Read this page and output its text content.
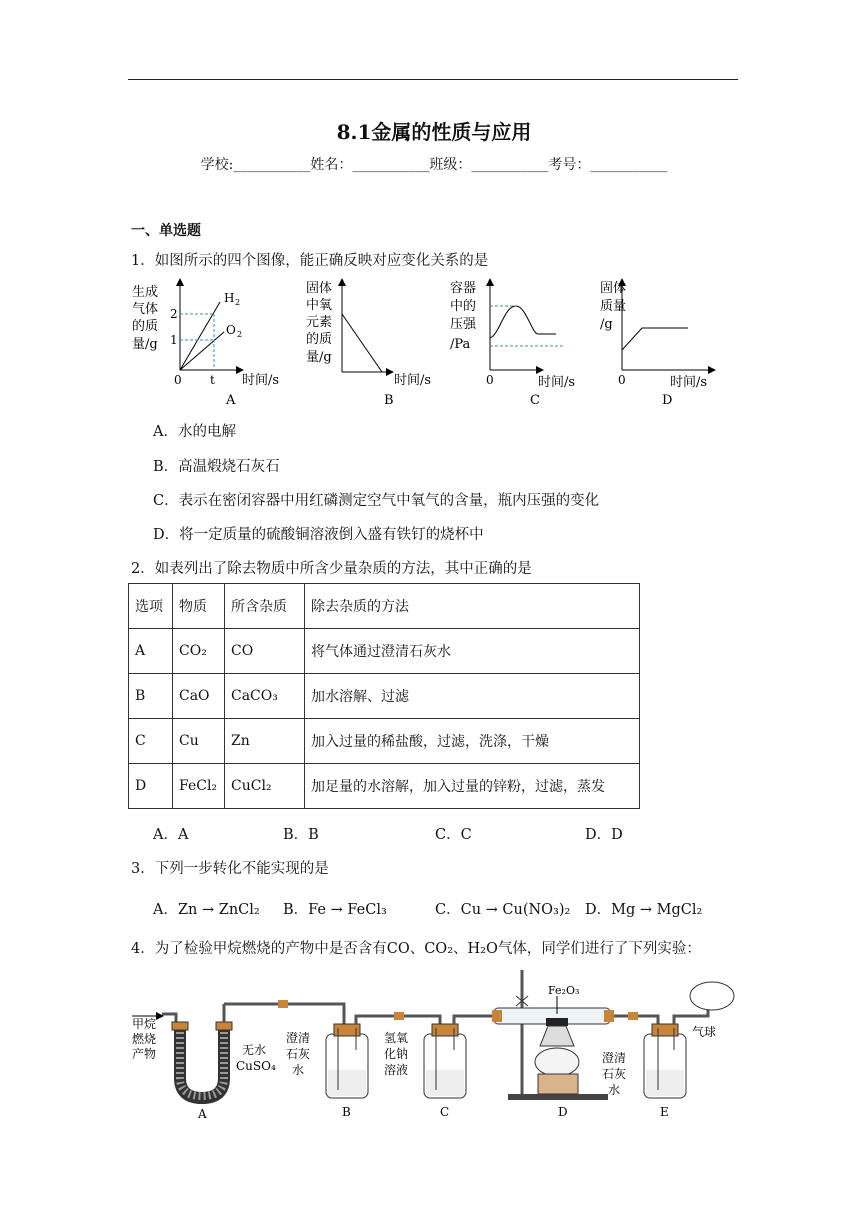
8.1金属的性质与应用
学校:___________姓名：___________班级：___________考号：___________
一、单选题
1．如图所示的四个图像，能正确反映对应变化关系的是
生成
气体
的质
量/g
2
1
0 t
H 2
O 2
时间/s
A
固体
中氧
元素
的质
量/g
时间/s
B
容器
中的
压强
/Pa
0	时间/s
C
固体
质量
/g
0	时间/s
D
A．水的电解
B．高温煅烧石灰石
C．表示在密闭容器中用红磷测定空气中氧气的含量，瓶内压强的变化
D．将一定质量的硫酸铜溶液倒入盛有铁钉的烧杯中
2．如表列出了除去物质中所含少量杂质的方法，其中正确的是
选项	物质	所含杂质	除去杂质的方法
A	CO₂	CO	将气体通过澄清石灰水
B	CaO	CaCO₃	加水溶解、过滤
C	Cu	Zn	加入过量的稀盐酸，过滤，洗涤，干燥
D	FeCl₂	CuCl₂	加足量的水溶解，加入过量的锌粉，过滤，蒸发
A．A	B．B	C．C	D．D
3．下列一步转化不能实现的是
A．Zn → ZnCl₂ B．Fe → FeCl₃	C．Cu → Cu(NO₃)₂ D．Mg → MgCl₂
4．为了检验甲烷燃烧的产物中是否含有CO、CO₂、H₂O气体，同学们进行了下列实验：
甲烷
燃烧
产物	无水
CuSO₄
A
澄清
石灰
水
B
氢氧
化钠
溶液
C
Fe₂O₃
D
气球
澄清
石灰
水
E
